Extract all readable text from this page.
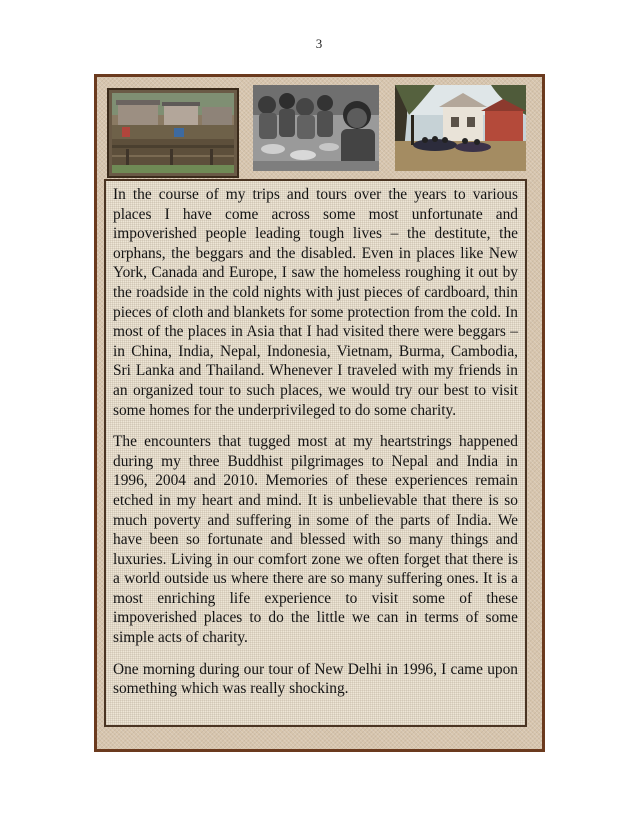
3

In the course of my trips and tours over the years to various places I have come across some most unfortunate and impoverished people leading tough lives – the destitute, the orphans, the beggars and the disabled. Even in places like New York, Canada and Europe, I saw the homeless roughing it out by the roadside in the cold nights with just pieces of cardboard, thin pieces of cloth and blankets for some protection from the cold. In most of the places in Asia that I had visited there were beggars – in China, India, Nepal, Indonesia, Vietnam, Burma, Cambodia, Sri Lanka and Thailand. Whenever I traveled with my friends in an organized tour to such places, we would try our best to visit some homes for the underprivileged to do some charity.

The encounters that tugged most at my heartstrings happened during my three Buddhist pilgrimages to Nepal and India in 1996, 2004 and 2010. Memories of these experiences remain etched in my heart and mind. It is unbelievable that there is so much poverty and suffering in some of the parts of India. We have been so fortunate and blessed with so many things and luxuries. Living in our comfort zone we often forget that there is a world outside us where there are so many suffering ones. It is a most enriching life experience to visit some of these impoverished places to do the little we can in terms of some simple acts of charity.

One morning during our tour of New Delhi in 1996, I came upon something which was really shocking.
